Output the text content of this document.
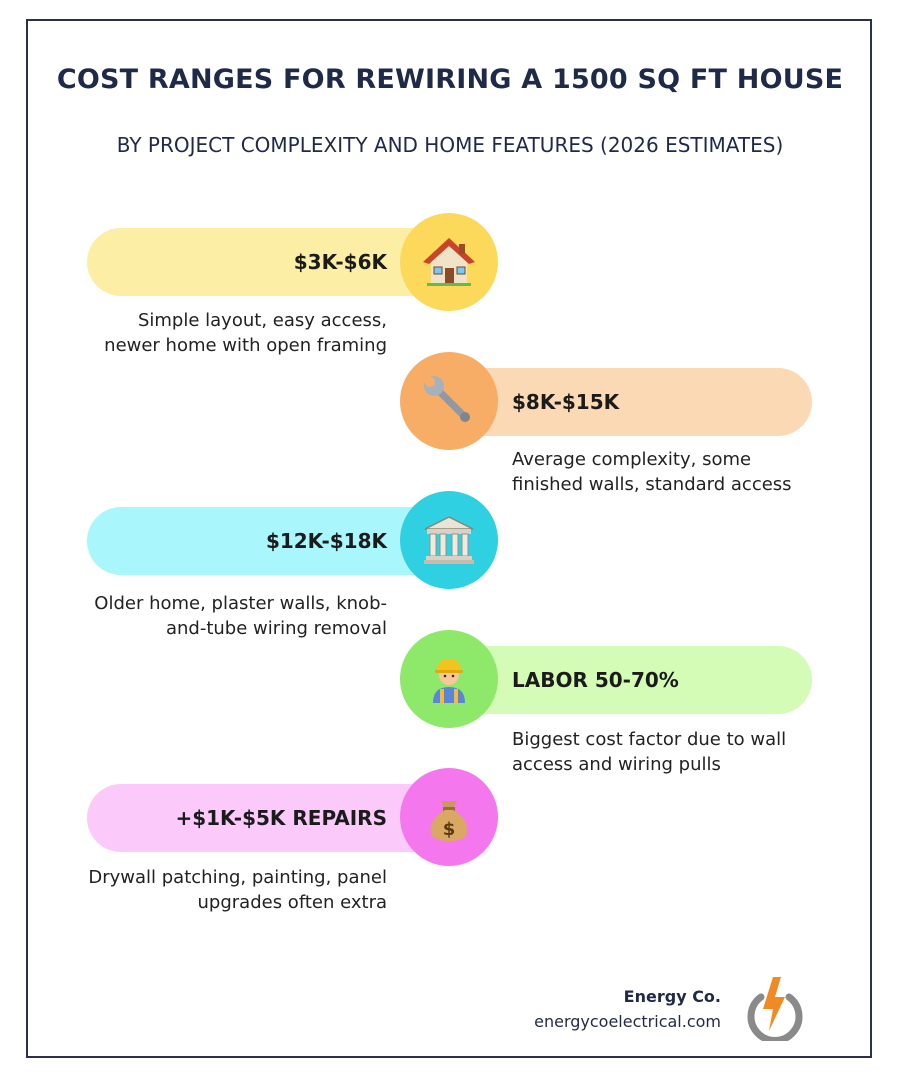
COST RANGES FOR REWIRING A 1500 SQ FT HOUSE
BY PROJECT COMPLEXITY AND HOME FEATURES (2026 ESTIMATES)
$3K-$6K
Simple layout, easy access, newer home with open framing
$8K-$15K
Average complexity, some finished walls, standard access
$12K-$18K
Older home, plaster walls, knob-and-tube wiring removal
LABOR 50-70%
Biggest cost factor due to wall access and wiring pulls
+$1K-$5K REPAIRS	$
Drywall patching, painting, panel upgrades often extra
Energy Co.
energycoelectrical.com
